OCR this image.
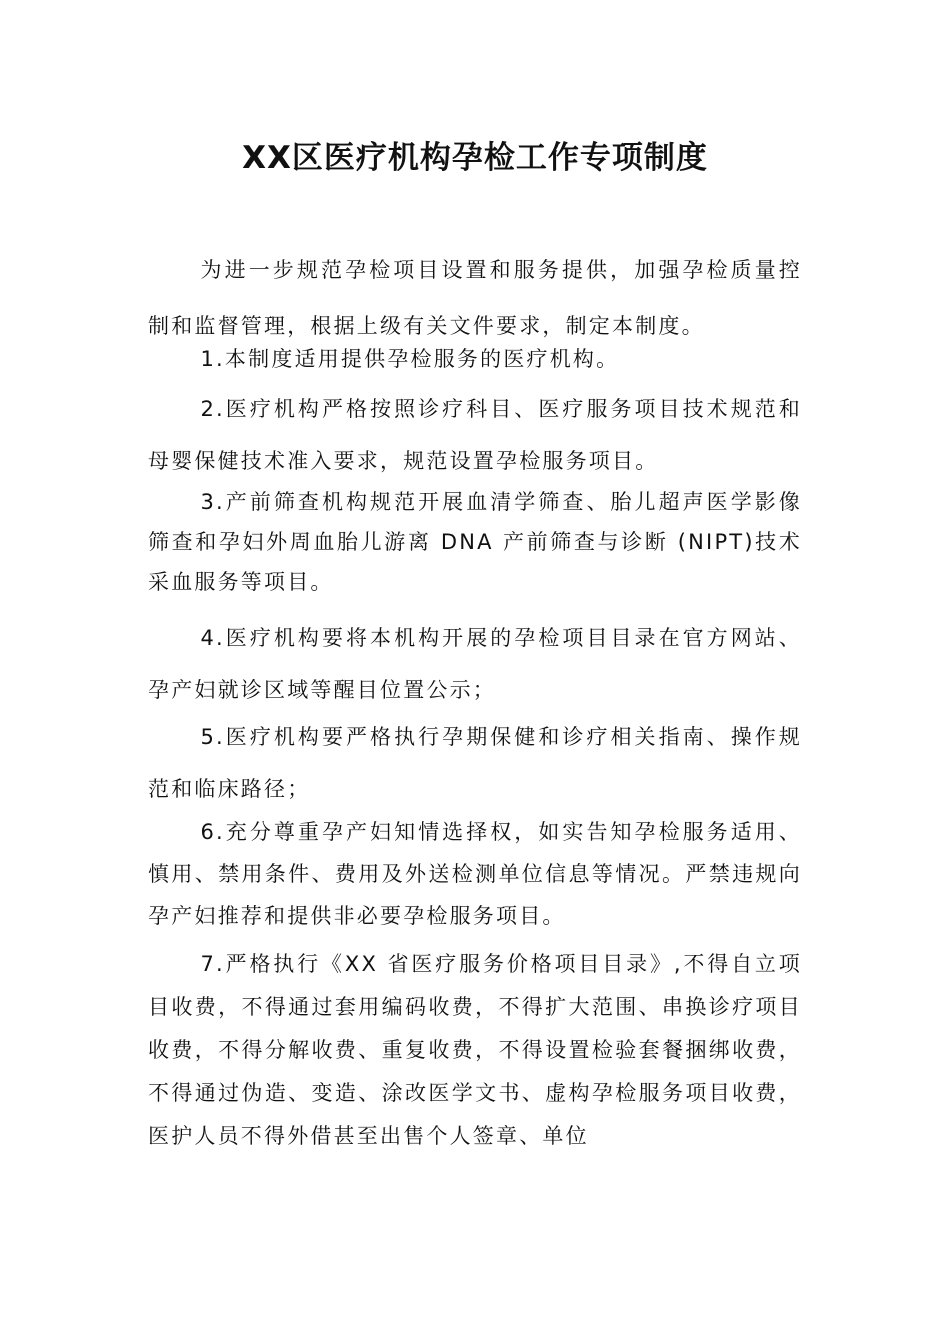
XX区医疗机构孕检工作专项制度

为进一步规范孕检项目设置和服务提供，加强孕检质量控制和监督管理，根据上级有关文件要求，制定本制度。

1.本制度适用提供孕检服务的医疗机构。

2.医疗机构严格按照诊疗科目、医疗服务项目技术规范和母婴保健技术准入要求，规范设置孕检服务项目。

3.产前筛查机构规范开展血清学筛查、胎儿超声医学影像筛查和孕妇外周血胎儿游离 DNA 产前筛查与诊断 (NIPT)技术采血服务等项目。

4.医疗机构要将本机构开展的孕检项目目录在官方网站、孕产妇就诊区域等醒目位置公示；

5.医疗机构要严格执行孕期保健和诊疗相关指南、操作规范和临床路径；

6.充分尊重孕产妇知情选择权，如实告知孕检服务适用、慎用、禁用条件、费用及外送检测单位信息等情况。严禁违规向孕产妇推荐和提供非必要孕检服务项目。

7.严格执行《XX 省医疗服务价格项目目录》,不得自立项目收费，不得通过套用编码收费，不得扩大范围、串换诊疗项目收费，不得分解收费、重复收费，不得设置检验套餐捆绑收费，不得通过伪造、变造、涂改医学文书、虚构孕检服务项目收费，医护人员不得外借甚至出售个人签章、单位
